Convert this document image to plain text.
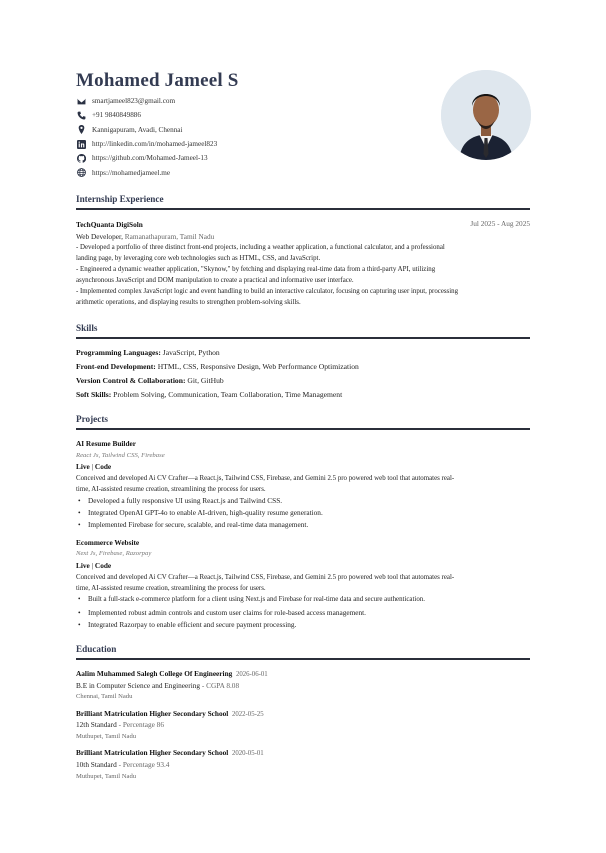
Mohamed Jameel S
smartjameel823@gmail.com
+91 9840849886
Kannigapuram, Avadi, Chennai
http://linkedin.com/in/mohamed-jameel823
https://github.com/Mohamed-Jameel-13
https://mohamedjameel.me
Internship Experience
TechQuanta DigiSoln	Jul 2025 - Aug 2025
Web Developer, Ramanathapuram, Tamil Nadu
- Developed a portfolio of three distinct front-end projects, including a weather application, a functional calculator, and a professional
landing page, by leveraging core web technologies such as HTML, CSS, and JavaScript.
- Engineered a dynamic weather application, "Skynow," by fetching and displaying real-time data from a third-party API, utilizing
asynchronous JavaScript and DOM manipulation to create a practical and informative user interface.
- Implemented complex JavaScript logic and event handling to build an interactive calculator, focusing on capturing user input, processing
arithmetic operations, and displaying results to strengthen problem-solving skills.
Skills
Programming Languages: JavaScript, Python
Front-end Development: HTML, CSS, Responsive Design, Web Performance Optimization
Version Control & Collaboration: Git, GitHub
Soft Skills: Problem Solving, Communication, Team Collaboration, Time Management
Projects
AI Resume Builder
React Js, Tailwind CSS, Firebase
Live | Code
Conceived and developed Ai CV Crafter—a React.js, Tailwind CSS, Firebase, and Gemini 2.5 pro powered web tool that automates real-
time, AI-assisted resume creation, streamlining the process for users.
Developed a fully responsive UI using React.js and Tailwind CSS.
Integrated OpenAI GPT-4o to enable AI-driven, high-quality resume generation.
Implemented Firebase for secure, scalable, and real-time data management.
Ecommerce Website
Next Js, Firebase, Razorpay
Live | Code
Conceived and developed Ai CV Crafter—a React.js, Tailwind CSS, Firebase, and Gemini 2.5 pro powered web tool that automates real-
time, AI-assisted resume creation, streamlining the process for users.
Built a full-stack e-commerce platform for a client using Next.js and Firebase for real-time data and secure authentication.
Implemented robust admin controls and custom user claims for role-based access management.
Integrated Razorpay to enable efficient and secure payment processing.
Education
Aalim Muhammed Salegh College Of Engineering 2026-06-01
B.E in Computer Science and Engineering - CGPA 8.08
Chennai, Tamil Nadu
Brilliant Matriculation Higher Secondary School 2022-05-25
12th Standard - Percentage 86
Muthupet, Tamil Nadu
Brilliant Matriculation Higher Secondary School 2020-05-01
10th Standard - Percentage 93.4
Muthupet, Tamil Nadu
